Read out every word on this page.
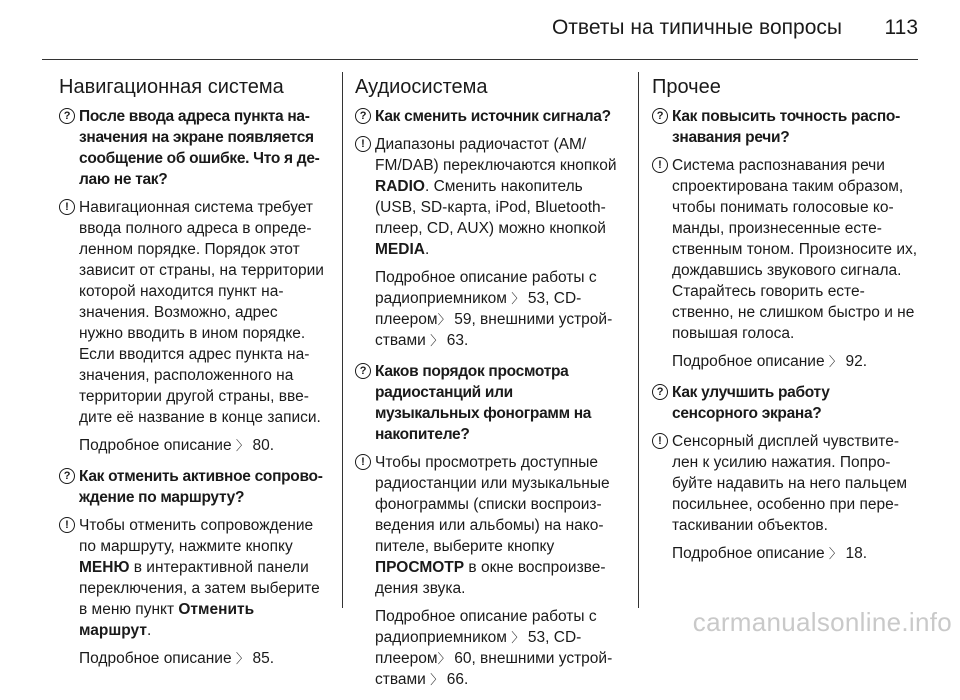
Ответы на типичные вопросы 113
Навигационная система
? После ввода адреса пункта назначения на экране появляется сообщение об ошибке. Что я делаю не так?
! Навигационная система требует ввода полного адреса в определенном порядке. Порядок этот зависит от страны, на территории которой находится пункт назначения. Возможно, адрес нужно вводить в ином порядке. Если вводится адрес пункта назначения, расположенного на территории другой страны, введите её название в конце записи.
Подробное описание 〉 80.
? Как отменить активное сопровождение по маршруту?
! Чтобы отменить сопровождение по маршруту, нажмите кнопку МЕНЮ в интерактивной панели переключения, а затем выберите в меню пункт Отменить маршрут.
Подробное описание 〉 85.
Аудиосистема
? Как сменить источник сигнала?
! Диапазоны радиочастот (AM/ FM/DAB) переключаются кнопкой RADIO. Сменить накопитель (USB, SD-карта, iPod, Bluetooth-плеер, CD, AUX) можно кнопкой MEDIA.
Подробное описание работы с радиоприемником 〉 53, CD-плеером〉 59, внешними устройствами 〉 63.
? Каков порядок просмотра радиостанций или музыкальных фонограмм на накопителе?
! Чтобы просмотреть доступные радиостанции или музыкальные фонограммы (списки воспроизведения или альбомы) на накопителе, выберите кнопку ПРОСМОТР в окне воспроизведения звука.
Подробное описание работы с радиоприемником 〉 53, CD-плеером〉 60, внешними устройствами 〉 66.
Прочее
? Как повысить точность распознавания речи?
! Система распознавания речи спроектирована таким образом, чтобы понимать голосовые команды, произнесенные естественным тоном. Произносите их, дождавшись звукового сигнала. Старайтесь говорить естественно, не слишком быстро и не повышая голоса.
Подробное описание 〉 92.
? Как улучшить работу сенсорного экрана?
! Сенсорный дисплей чувствителен к усилию нажатия. Попробуйте надавить на него пальцем посильнее, особенно при перетаскивании объектов.
Подробное описание 〉 18.
carmanualsonline.info
